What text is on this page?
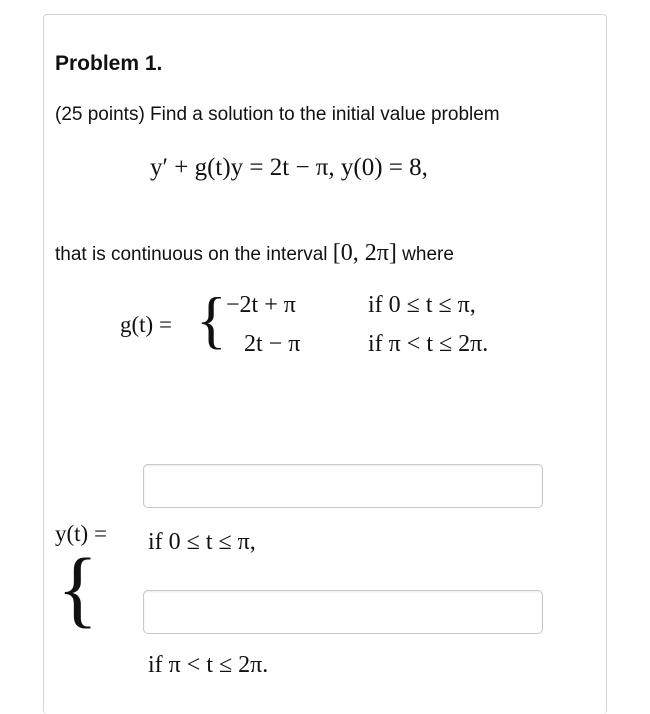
Problem 1.
(25 points) Find a solution to the initial value problem
y′ + g(t)y = 2t − π, y(0) = 8,
that is continuous on the interval [0, 2π] where
g(t) = { −2t + π
2t − π
if 0 ≤ t ≤ π,
if π < t ≤ 2π.
y(t) = if 0 ≤ t ≤ π,
{
if π < t ≤ 2π.
